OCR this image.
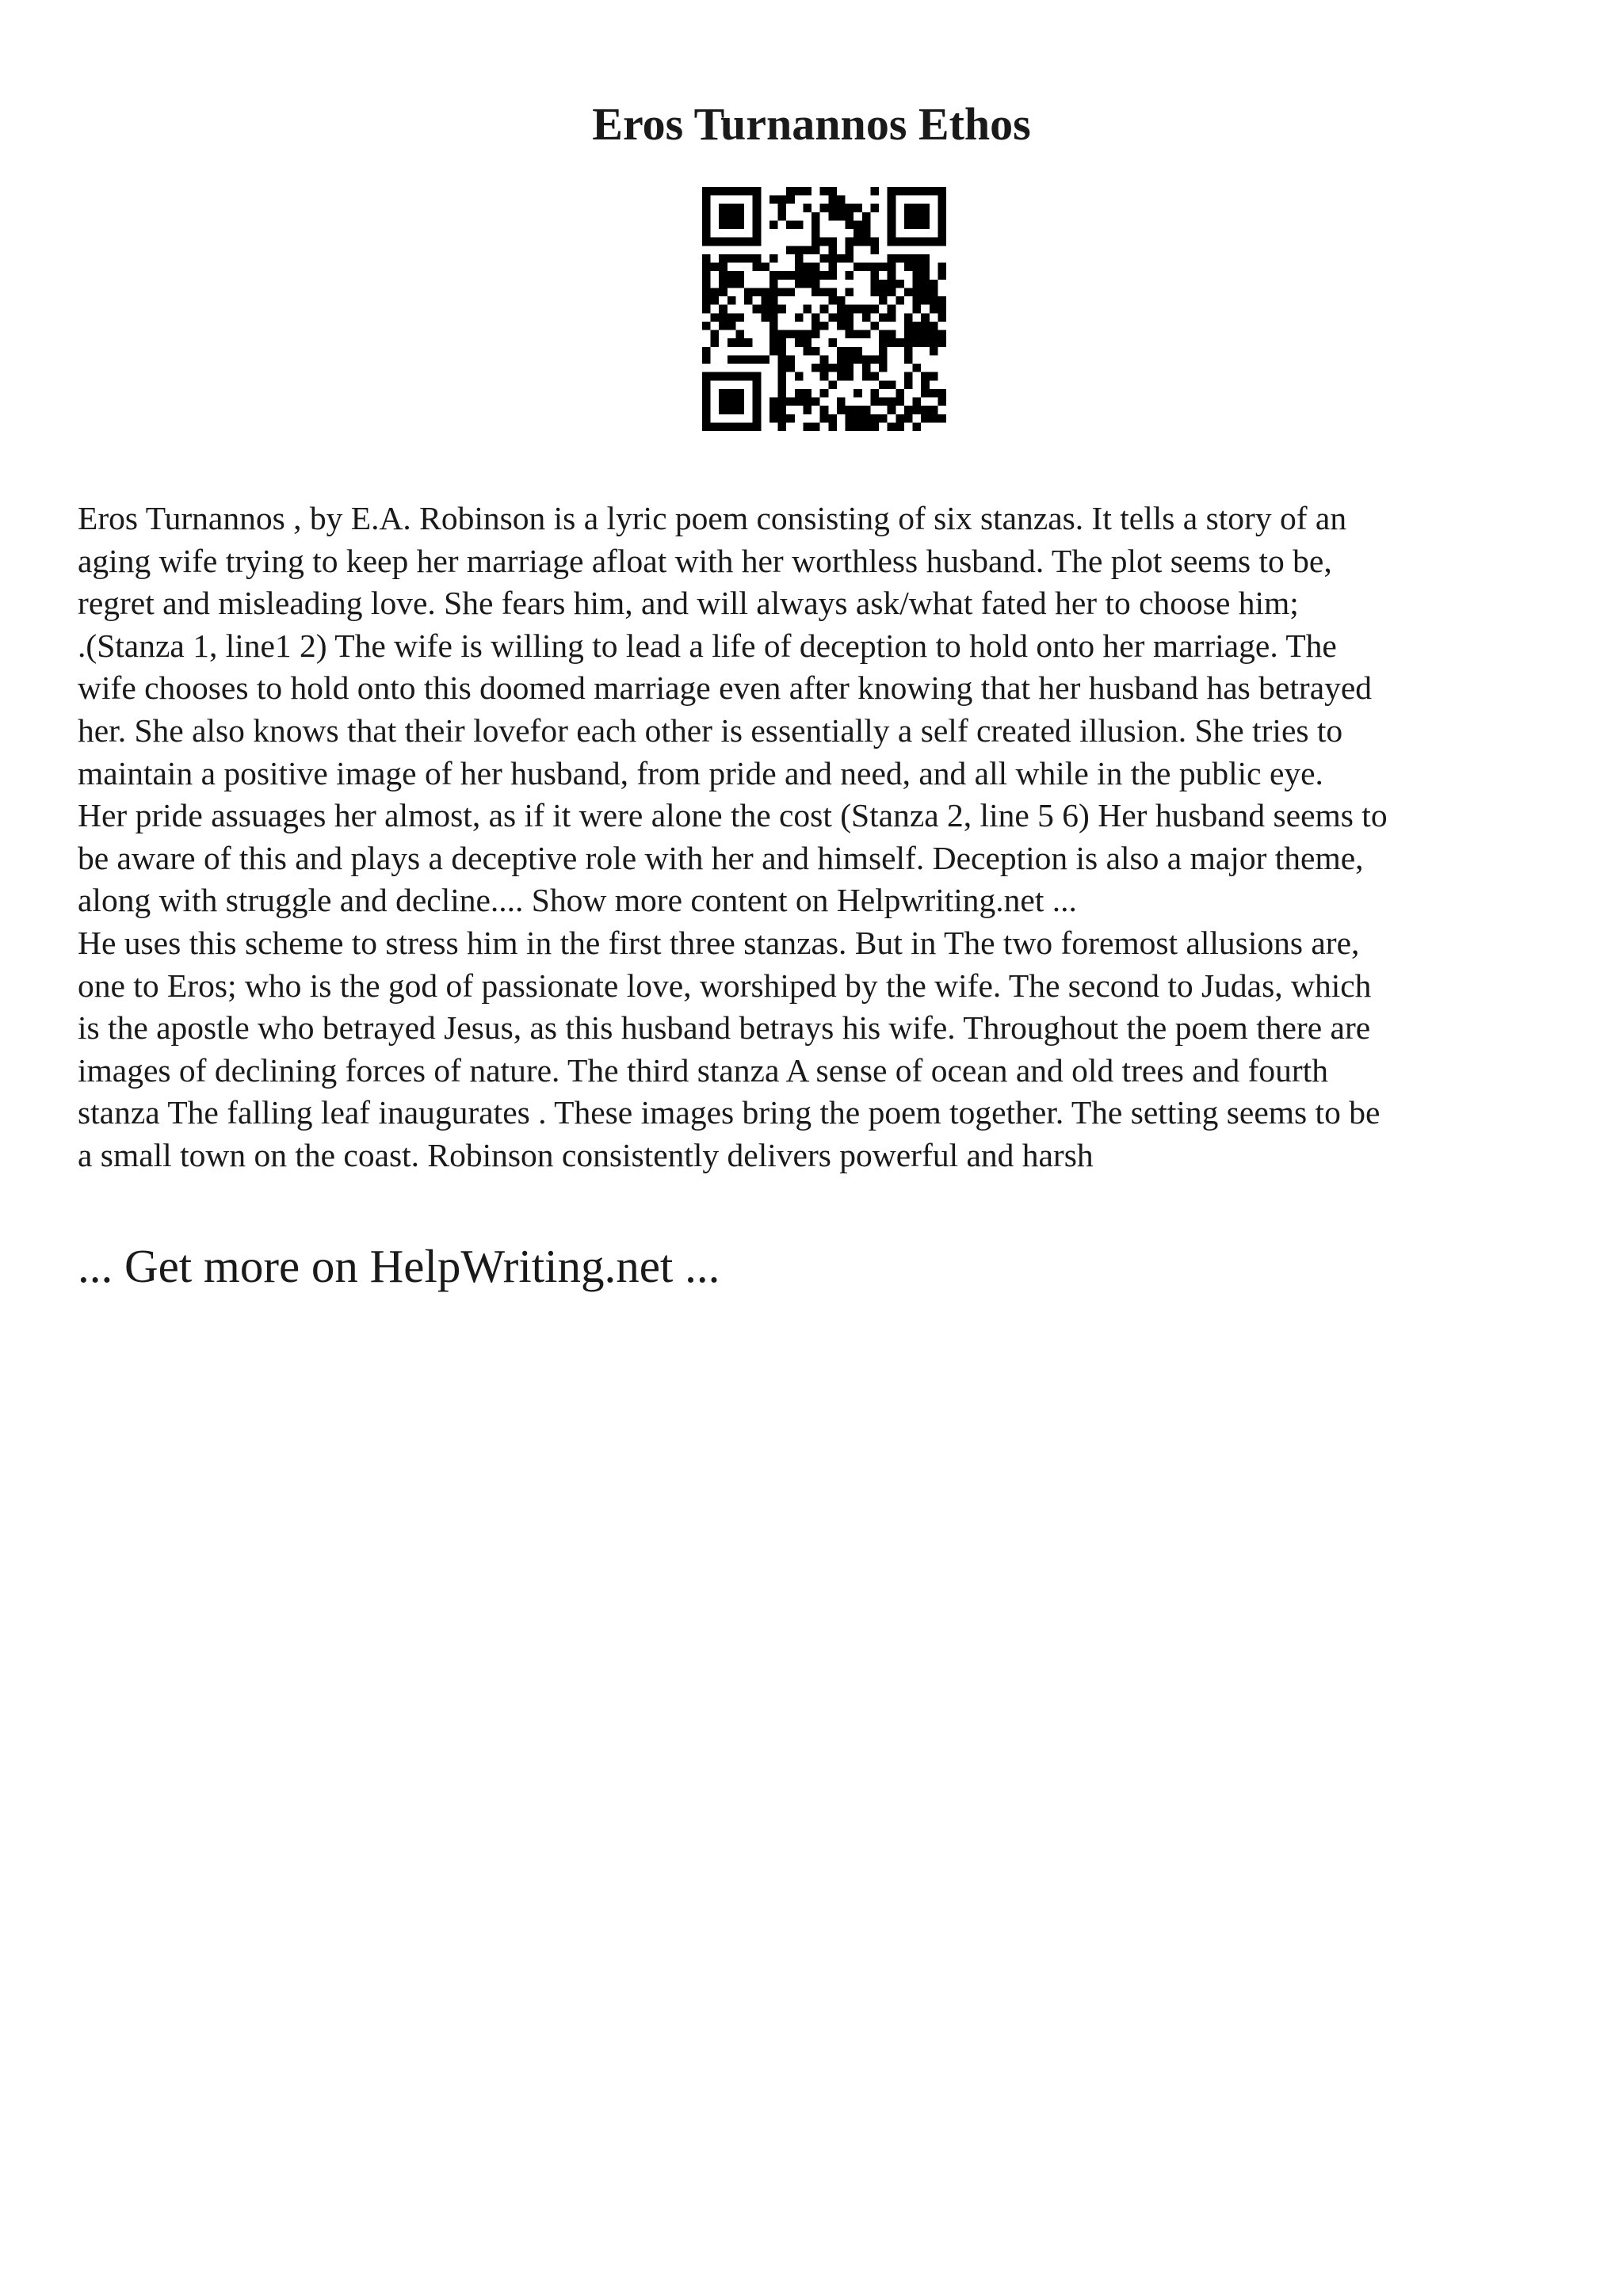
Eros Turnannos Ethos

Eros Turnannos , by E.A. Robinson is a lyric poem consisting of six stanzas. It tells a story of an
aging wife trying to keep her marriage afloat with her worthless husband. The plot seems to be,
regret and misleading love. She fears him, and will always ask/what fated her to choose him;
.(Stanza 1, line1 2) The wife is willing to lead a life of deception to hold onto her marriage. The
wife chooses to hold onto this doomed marriage even after knowing that her husband has betrayed
her. She also knows that their lovefor each other is essentially a self created illusion. She tries to
maintain a positive image of her husband, from pride and need, and all while in the public eye.
Her pride assuages her almost, as if it were alone the cost (Stanza 2, line 5 6) Her husband seems to
be aware of this and plays a deceptive role with her and himself. Deception is also a major theme,
along with struggle and decline.... Show more content on Helpwriting.net ...
He uses this scheme to stress him in the first three stanzas. But in The two foremost allusions are,
one to Eros; who is the god of passionate love, worshiped by the wife. The second to Judas, which
is the apostle who betrayed Jesus, as this husband betrays his wife. Throughout the poem there are
images of declining forces of nature. The third stanza A sense of ocean and old trees and fourth
stanza The falling leaf inaugurates . These images bring the poem together. The setting seems to be
a small town on the coast. Robinson consistently delivers powerful and harsh

... Get more on HelpWriting.net ...
